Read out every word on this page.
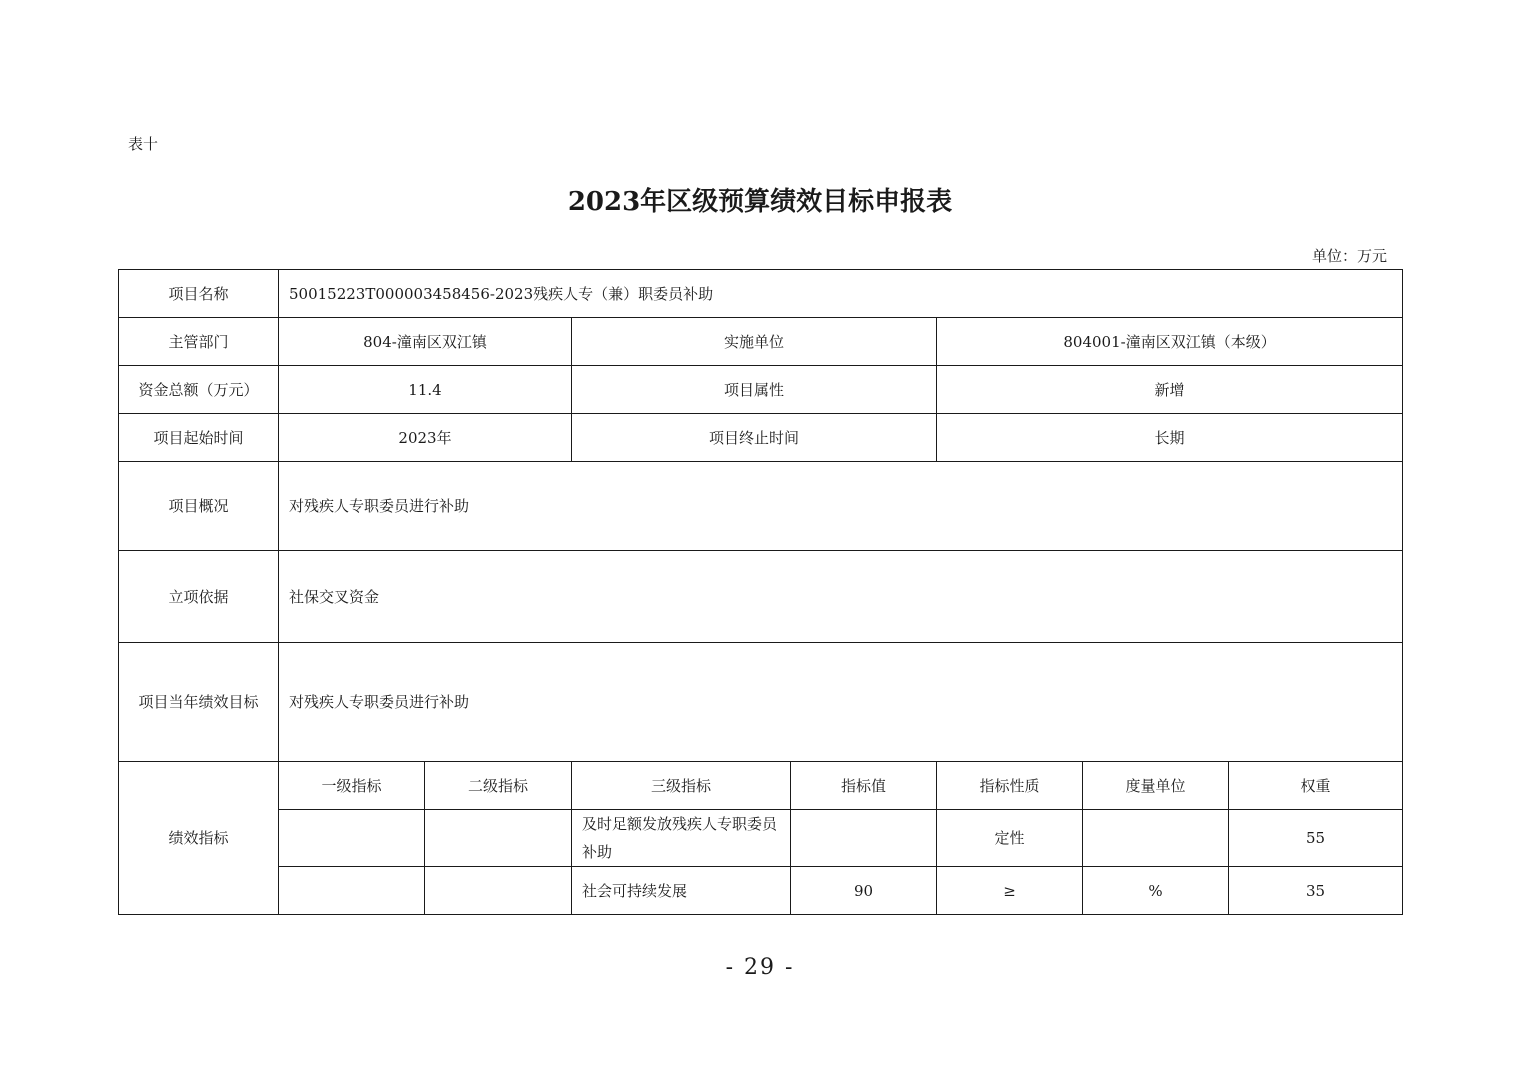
表十
2023年区级预算绩效目标申报表
单位：万元
项目名称	50015223T000003458456-2023残疾人专（兼）职委员补助						
主管部门	804-潼南区双江镇		实施单位		804001-潼南区双江镇（本级）		
资金总额（万元）	11.4		项目属性		新增		
项目起始时间	2023年		项目终止时间		长期		
项目概况	对残疾人专职委员进行补助						
立项依据	社保交叉资金						
项目当年绩效目标	对残疾人专职委员进行补助						
绩效指标	一级指标	二级指标	三级指标	指标值	指标性质	度量单位	权重
			及时足额发放残疾人专职委员补助		定性		55
			社会可持续发展	90	≥	%	35
- 29 -
